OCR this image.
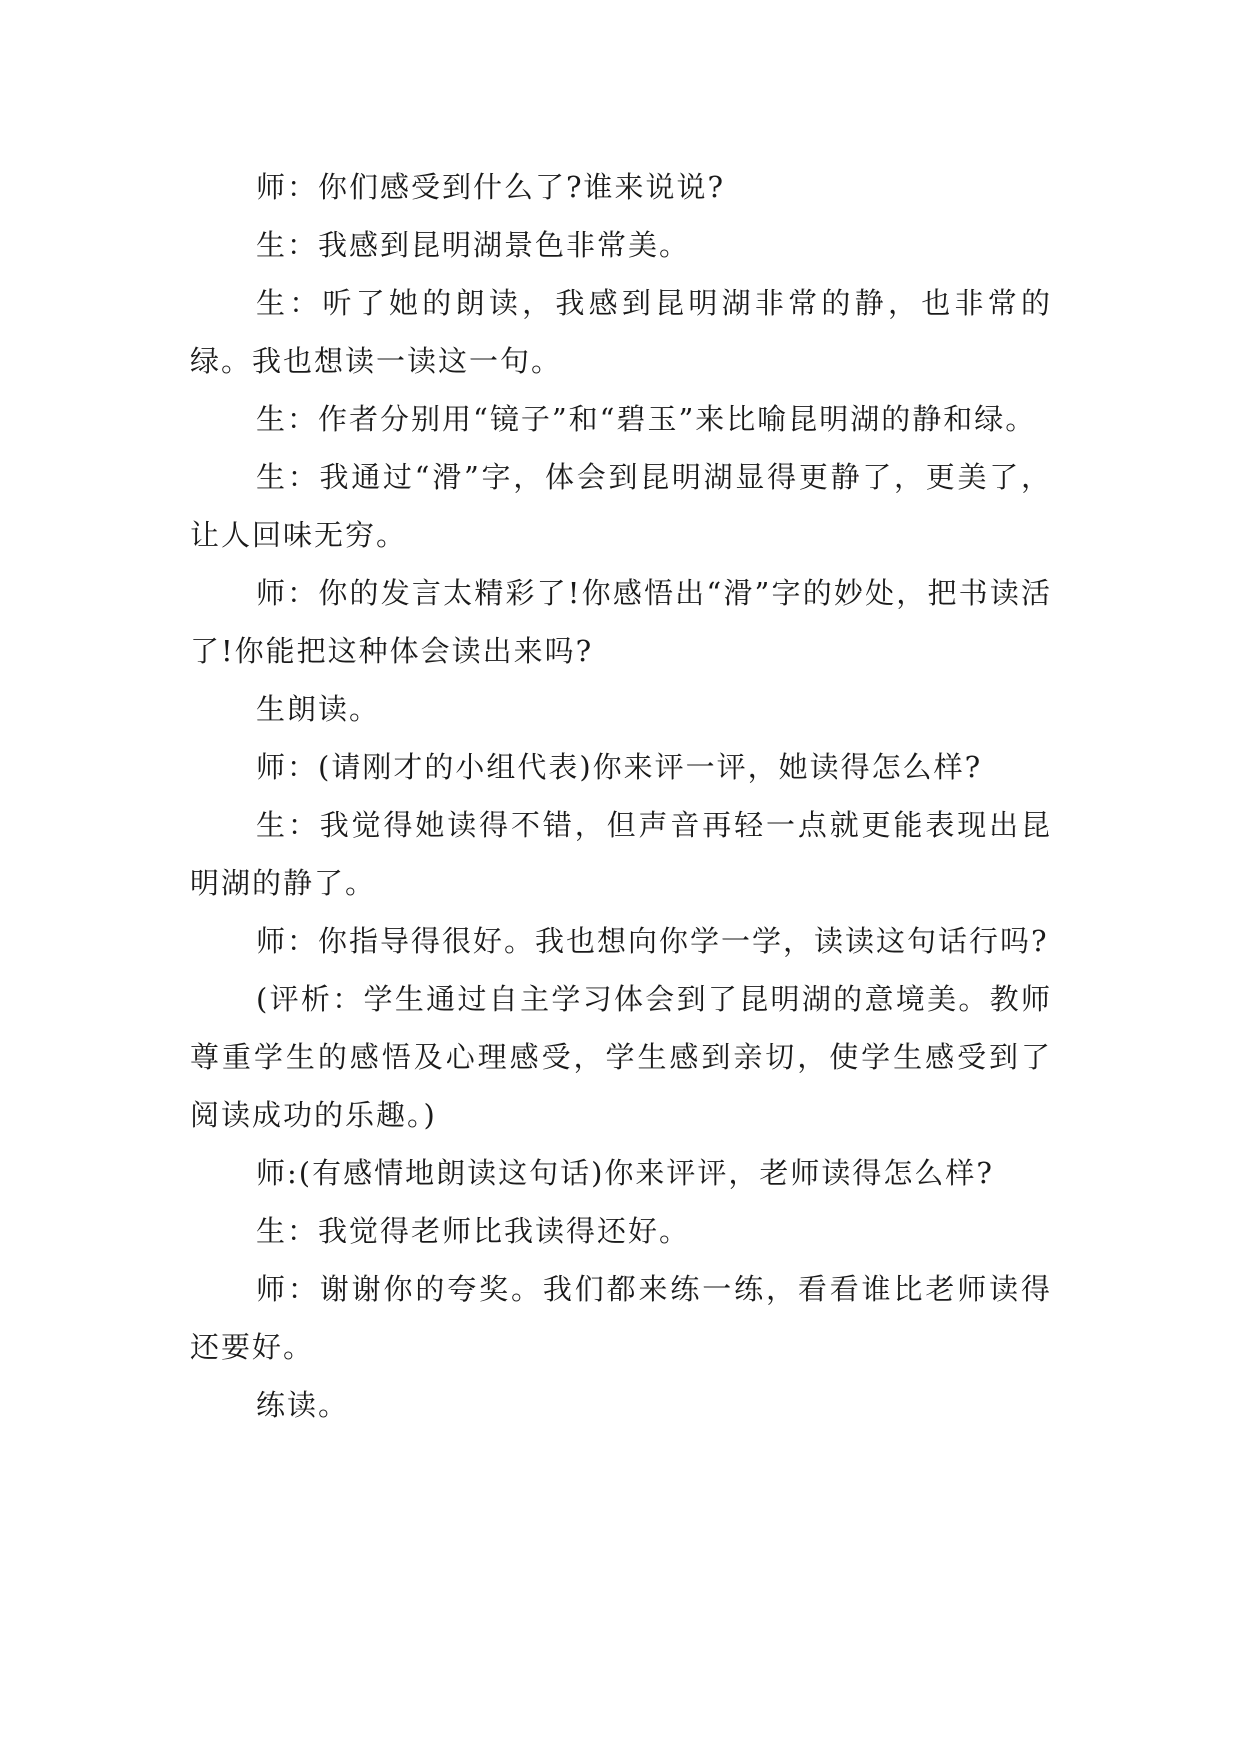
师：你们感受到什么了?谁来说说?

生：我感到昆明湖景色非常美。

生：听了她的朗读，我感到昆明湖非常的静，也非常的绿。我也想读一读这一句。

生：作者分别用“镜子”和“碧玉”来比喻昆明湖的静和绿。

生：我通过“滑”字，体会到昆明湖显得更静了，更美了，让人回味无穷。

师：你的发言太精彩了!你感悟出“滑”字的妙处，把书读活了!你能把这种体会读出来吗?

生朗读。

师：(请刚才的小组代表)你来评一评，她读得怎么样?

生：我觉得她读得不错，但声音再轻一点就更能表现出昆明湖的静了。

师：你指导得很好。我也想向你学一学，读读这句话行吗?

(评析：学生通过自主学习体会到了昆明湖的意境美。教师尊重学生的感悟及心理感受，学生感到亲切，使学生感受到了阅读成功的乐趣。)

师:(有感情地朗读这句话)你来评评，老师读得怎么样?

生：我觉得老师比我读得还好。

师：谢谢你的夸奖。我们都来练一练，看看谁比老师读得还要好。

练读。
